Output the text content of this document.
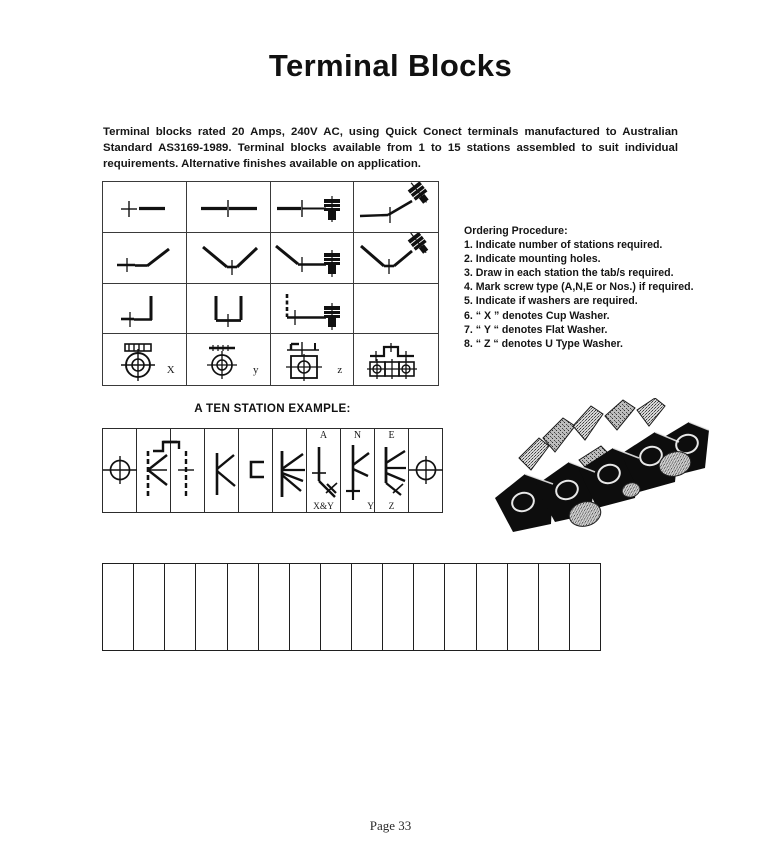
Terminal Blocks
Terminal blocks rated 20 Amps, 240V AC, using Quick Conect terminals manufactured to Australian Standard AS3169-1989. Terminal blocks available from 1 to 15 stations assembled to suit individual requirements. Alternative finishes available on application.
X	y	z
Ordering Procedure:
1. Indicate number of stations required.
2. Indicate mounting holes.
3. Draw in each station the tab/s required.
4. Mark screw type (A,N,E or Nos.) if required.
5. Indicate if washers are required.
6. “ X ” denotes Cup Washer.
7. “ Y “ denotes Flat Washer.
8. “ Z “ denotes U Type Washer.
A TEN STATION EXAMPLE:
A
X&Y
N
Y
E
Z
Page 33
